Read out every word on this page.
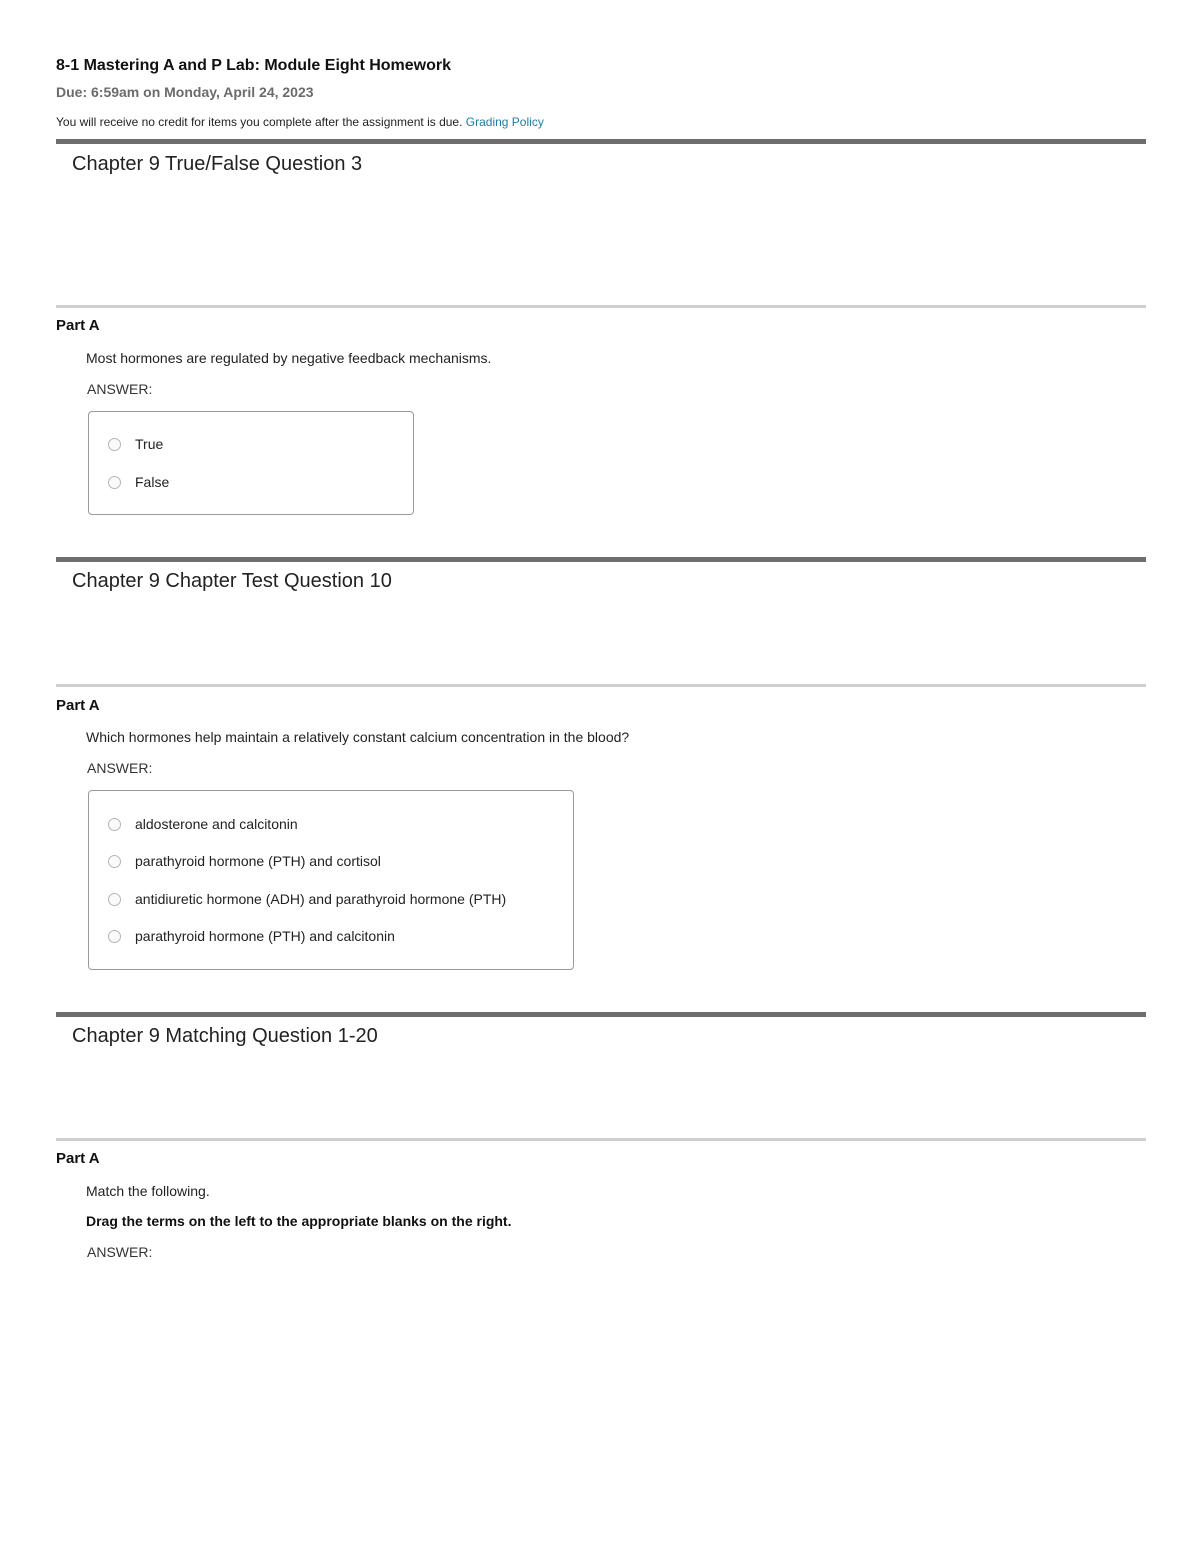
8-1 Mastering A and P Lab: Module Eight Homework
Due: 6:59am on Monday, April 24, 2023
You will receive no credit for items you complete after the assignment is due. Grading Policy
Chapter 9 True/False Question 3
Part A
Most hormones are regulated by negative feedback mechanisms.
ANSWER:
True
False
Chapter 9 Chapter Test Question 10
Part A
Which hormones help maintain a relatively constant calcium concentration in the blood?
ANSWER:
aldosterone and calcitonin
parathyroid hormone (PTH) and cortisol
antidiuretic hormone (ADH) and parathyroid hormone (PTH)
parathyroid hormone (PTH) and calcitonin
Chapter 9 Matching Question 1-20
Part A
Match the following.
Drag the terms on the left to the appropriate blanks on the right.
ANSWER:
